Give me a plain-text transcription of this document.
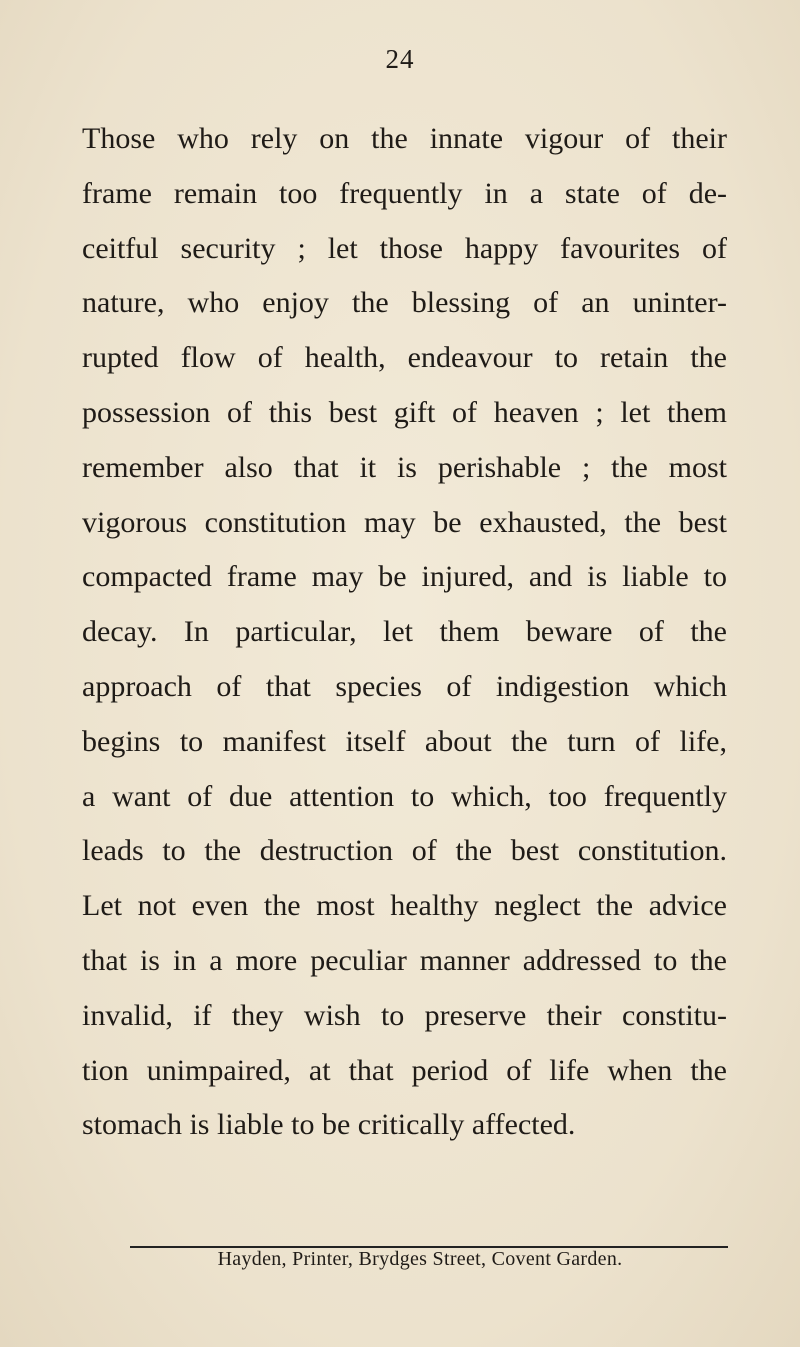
24
Those who rely on the innate vigour of their
frame remain too frequently in a state of de-
ceitful security ; let those happy favourites of
nature, who enjoy the blessing of an uninter-
rupted flow of health, endeavour to retain the
possession of this best gift of heaven ; let them
remember also that it is perishable ; the most
vigorous constitution may be exhausted, the best
compacted frame may be injured, and is liable to
decay. In particular, let them beware of the
approach of that species of indigestion which
begins to manifest itself about the turn of life,
a want of due attention to which, too frequently
leads to the destruction of the best constitution.
Let not even the most healthy neglect the advice
that is in a more peculiar manner addressed to the
invalid, if they wish to preserve their constitu-
tion unimpaired, at that period of life when the
stomach is liable to be critically affected.
Hayden, Printer, Brydges Street, Covent Garden.
